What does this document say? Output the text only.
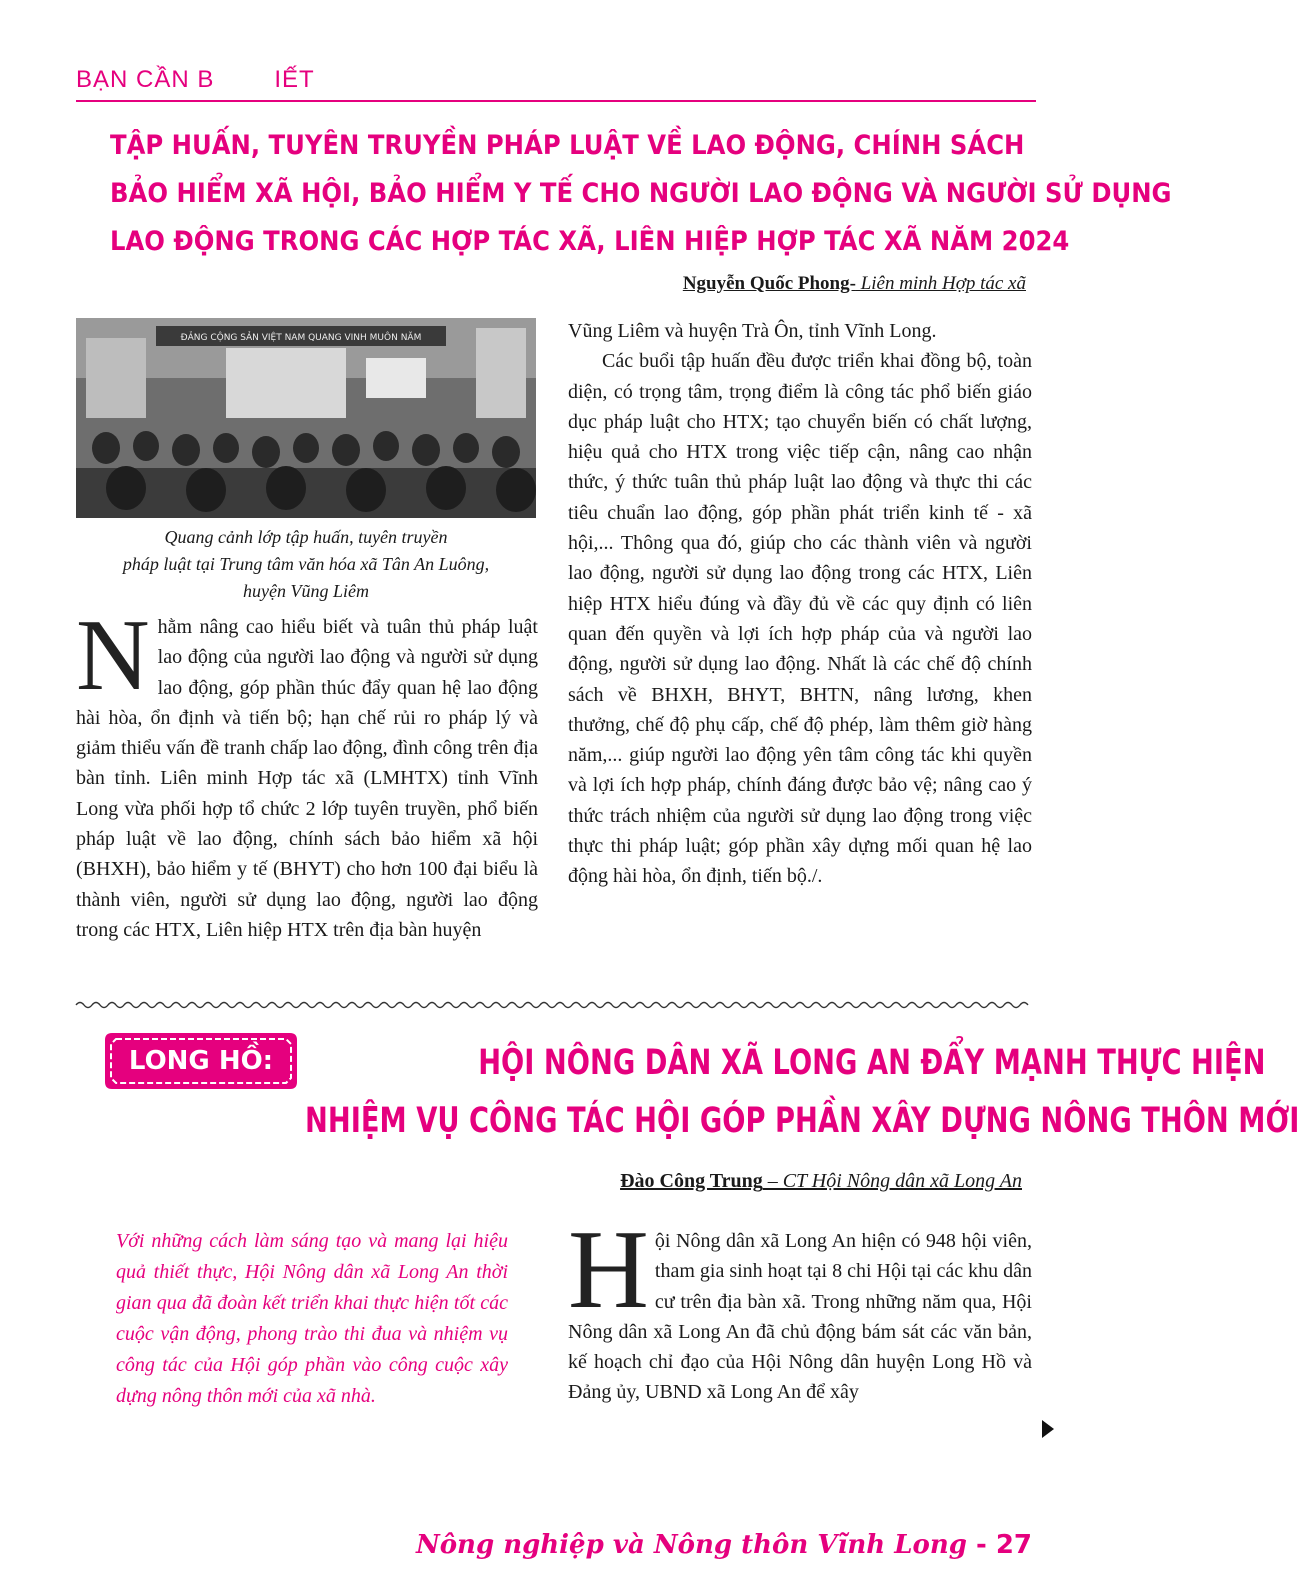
BẠN CẦN B	IẾT
TẬP HUẤN, TUYÊN TRUYỀN PHÁP LUẬT VỀ LAO ĐỘNG, CHÍNH SÁCH
BẢO HIỂM XÃ HỘI, BẢO HIỂM Y TẾ CHO NGƯỜI LAO ĐỘNG VÀ NGƯỜI SỬ DỤNG
LAO ĐỘNG TRONG CÁC HỢP TÁC XÃ, LIÊN HIỆP HỢP TÁC XÃ NĂM 2024
Nguyễn Quốc Phong- Liên minh Hợp tác xã
ĐẢNG CỘNG SẢN VIỆT NAM QUANG VINH MUÔN NĂM
Quang cảnh lớp tập huấn, tuyên truyền
pháp luật tại Trung tâm văn hóa xã Tân An Luông,
huyện Vũng Liêm

Nhằm nâng cao hiểu biết và tuân thủ pháp luật lao động của người lao động và người sử dụng lao động, góp phần thúc đẩy quan hệ lao động hài hòa, ổn định và tiến bộ; hạn chế rủi ro pháp lý và giảm thiểu vấn đề tranh chấp lao động, đình công trên địa bàn tỉnh. Liên minh Hợp tác xã (LMHTX) tỉnh Vĩnh Long vừa phối hợp tổ chức 2 lớp tuyên truyền, phổ biến pháp luật về lao động, chính sách bảo hiểm xã hội (BHXH), bảo hiểm y tế (BHYT) cho hơn 100 đại biểu là thành viên, người sử dụng lao động, người lao động trong các HTX, Liên hiệp HTX trên địa bàn huyện

Vũng Liêm và huyện Trà Ôn, tỉnh Vĩnh Long.

Các buổi tập huấn đều được triển khai đồng bộ, toàn diện, có trọng tâm, trọng điểm là công tác phổ biến giáo dục pháp luật cho HTX; tạo chuyển biến có chất lượng, hiệu quả cho HTX trong việc tiếp cận, nâng cao nhận thức, ý thức tuân thủ pháp luật lao động và thực thi các tiêu chuẩn lao động, góp phần phát triển kinh tế - xã hội,... Thông qua đó, giúp cho các thành viên và người lao động, người sử dụng lao động trong các HTX, Liên hiệp HTX hiểu đúng và đầy đủ về các quy định có liên quan đến quyền và lợi ích hợp pháp của và người lao động, người sử dụng lao động. Nhất là các chế độ chính sách về BHXH, BHYT, BHTN, nâng lương, khen thưởng, chế độ phụ cấp, chế độ phép, làm thêm giờ hàng năm,... giúp người lao động yên tâm công tác khi quyền và lợi ích hợp pháp, chính đáng được bảo vệ; nâng cao ý thức trách nhiệm của người sử dụng lao động trong việc thực thi pháp luật; góp phần xây dựng mối quan hệ lao động hài hòa, ổn định, tiến bộ./.

LONG HỒ:	HỘI NÔNG DÂN XÃ LONG AN ĐẨY MẠNH THỰC HIỆN
NHIỆM VỤ CÔNG TÁC HỘI GÓP PHẦN XÂY DỰNG NÔNG THÔN MỚI
Đào Công Trung – CT Hội Nông dân xã Long An
Với những cách làm sáng tạo và mang lại hiệu quả thiết thực, Hội Nông dân xã Long An thời gian qua đã đoàn kết triển khai thực hiện tốt các cuộc vận động, phong trào thi đua và nhiệm vụ công tác của Hội góp phần vào công cuộc xây dựng nông thôn mới của xã nhà.

Hội Nông dân xã Long An hiện có 948 hội viên, tham gia sinh hoạt tại 8 chi Hội tại các khu dân cư trên địa bàn xã. Trong những năm qua, Hội Nông dân xã Long An đã chủ động bám sát các văn bản, kế hoạch chỉ đạo của Hội Nông dân huyện Long Hồ và Đảng ủy, UBND xã Long An để xây

Nông nghiệp và Nông thôn Vĩnh Long - 27
